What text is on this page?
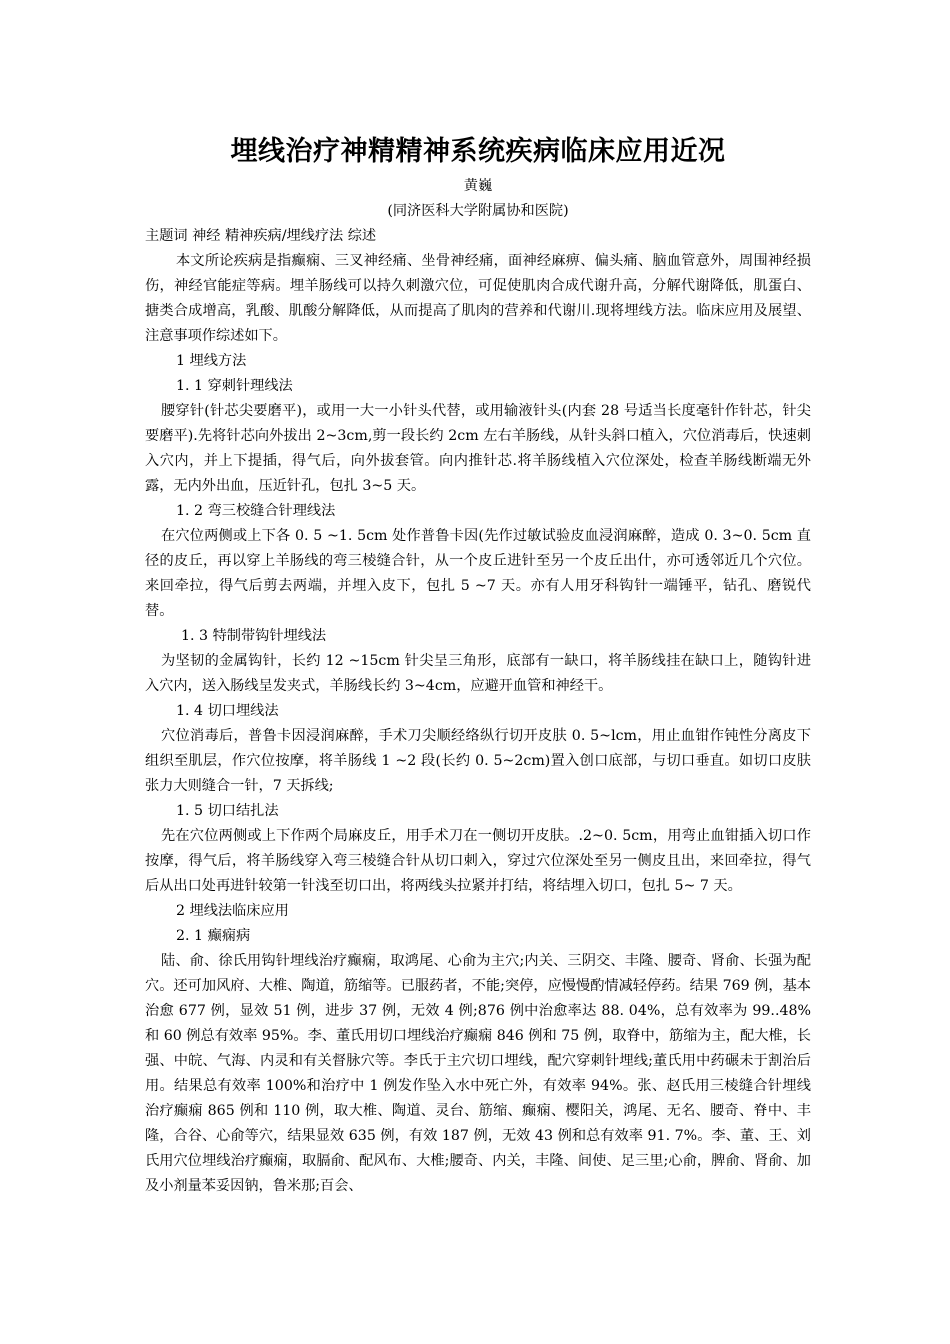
埋线治疗神精精神系统疾病临床应用近况

黄巍

(同济医科大学附属协和医院)

主题词 神经 精神疾病/埋线疗法 综述

本文所论疾病是指癫痫、三叉神经痛、坐骨神经痛，面神经麻痹、偏头痛、脑血管意外，周围神经损伤，神经官能症等病。埋羊肠线可以持久刺激穴位，可促使肌肉合成代谢升高，分解代谢降低，肌蛋白、搪类合成增高，乳酸、肌酸分解降低，从而提高了肌肉的营养和代谢川.现将埋线方法。临床应用及展望、注意事项作综述如下。

1 埋线方法

1. 1 穿刺针理线法

腰穿针(针芯尖要磨平)，或用一大一小针头代替，或用输液针头(内套 28 号适当长度毫针作针芯，针尖要磨平).先将针芯向外拔出 2~3cm,剪一段长约 2cm 左右羊肠线，从针头斜口植入，穴位消毒后，快速刺入穴内，并上下提插，得气后，向外拔套管。向内推针芯.将羊肠线植入穴位深处，检查羊肠线断端无外露，无内外出血，压近针孔，包扎 3~5 天。

1. 2 弯三校缝合针理线法

在穴位两侧或上下各 0. 5 ~1. 5cm 处作普鲁卡因(先作过敏试验皮血浸润麻醉，造成 0. 3~0. 5cm 直径的皮丘，再以穿上羊肠线的弯三棱缝合针，从一个皮丘进针至另一个皮丘出什，亦可透邻近几个穴位。来回牵拉，得气后剪去两端，并埋入皮下，包扎 5 ~7 天。亦有人用牙科钩针一端锤平，钻孔、磨锐代替。

1. 3 特制带钩针埋线法

为坚韧的金属钩针，长约 12 ~15cm 针尖呈三角形，底部有一缺口，将羊肠线挂在缺口上，随钩针进入穴内，送入肠线呈发夹式，羊肠线长约 3~4cm，应避开血管和神经干。

1. 4 切口埋线法

穴位消毒后，普鲁卡因浸润麻醉，手术刀尖顺经络纵行切开皮肤 0. 5~lcm，用止血钳作钝性分离皮下组织至肌层，作穴位按摩，将羊肠线 1 ~2 段(长约 0. 5~2cm)置入创口底部，与切口垂直。如切口皮肤张力大则缝合一针，7 天拆线;

1. 5 切口结扎法

先在穴位两侧或上下作两个局麻皮丘，用手术刀在一侧切开皮肤。.2~0. 5cm，用弯止血钳插入切口作按摩，得气后，将羊肠线穿入弯三棱缝合针从切口刺入，穿过穴位深处至另一侧皮且出，来回牵拉，得气后从出口处再进针较第一针浅至切口出，将两线头拉紧并打结，将结埋入切口，包扎 5~ 7 天。

2 埋线法临床应用

2. 1 癫痫病

陆、俞、徐氏用钩针埋线治疗癫痫，取鸿尾、心俞为主穴;内关、三阴交、丰隆、腰奇、肾俞、长强为配穴。还可加风府、大椎、陶道，筋缩等。已服药者，不能;突停，应慢慢酌情减轻停药。结果 769 例，基本治愈 677 例，显效 51 例，进步 37 例，无效 4 例;876 例中治愈率达 88. 04%，总有效率为 99..48%和 60 例总有效率 95%。李、董氏用切口埋线治疗癫痫 846 例和 75 例，取脊中，筋缩为主，配大椎，长强、中皖、气海、内灵和有关督脉穴等。李氏于主穴切口埋线，配穴穿刺针埋线;董氏用中药碾未于割治后用。结果总有效率 100%和治疗中 1 例发作坠入水中死亡外，有效率 94%。张、赵氏用三棱缝合针埋线治疗癫痫 865 例和 110 例，取大椎、陶道、灵台、筋缩、癫痫、樱阳关，鸿尾、无名、腰奇、脊中、丰隆，合谷、心俞等穴，结果显效 635 例，有效 187 例，无效 43 例和总有效率 91. 7%。李、董、王、刘氏用穴位埋线治疗癫痫，取膈俞、配风布、大椎;腰奇、内关，丰隆、间使、足三里;心俞，脾俞、肾俞、加及小剂量苯妥因钠，鲁米那;百会、
